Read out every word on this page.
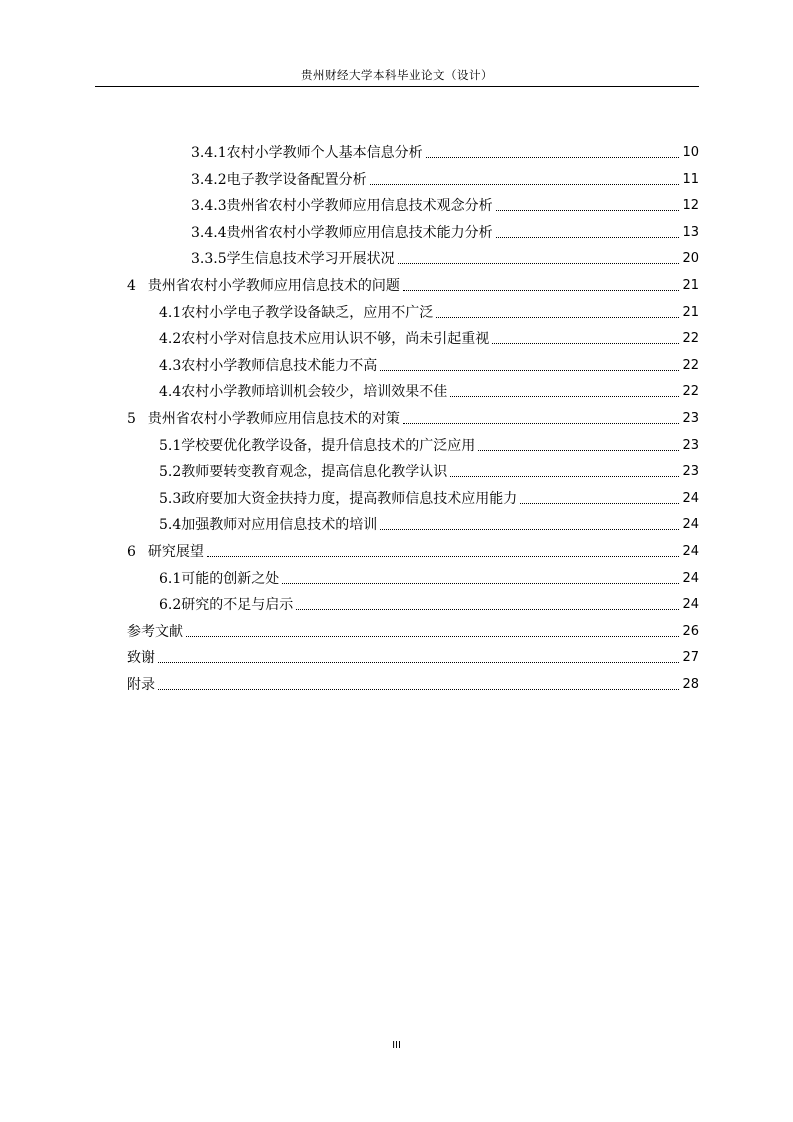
贵州财经大学本科毕业论文（设计）
3.4.1 农村小学教师个人基本信息分析	10
3.4.2 电子教学设备配置分析	11
3.4.3 贵州省农村小学教师应用信息技术观念分析	12
3.4.4 贵州省农村小学教师应用信息技术能力分析	13
3.3.5 学生信息技术学习开展状况	20
4 贵州省农村小学教师应用信息技术的问题	21
4.1 农村小学电子教学设备缺乏，应用不广泛	21
4.2 农村小学对信息技术应用认识不够，尚未引起重视	22
4.3 农村小学教师信息技术能力不高	22
4.4 农村小学教师培训机会较少，培训效果不佳	22
5 贵州省农村小学教师应用信息技术的对策	23
5.1 学校要优化教学设备，提升信息技术的广泛应用	23
5.2 教师要转变教育观念，提高信息化教学认识	23
5.3 政府要加大资金扶持力度，提高教师信息技术应用能力	24
5.4 加强教师对应用信息技术的培训	24
6 研究展望	24
6.1 可能的创新之处	24
6.2 研究的不足与启示	24
参考文献	26
致谢	27
附录	28
III
